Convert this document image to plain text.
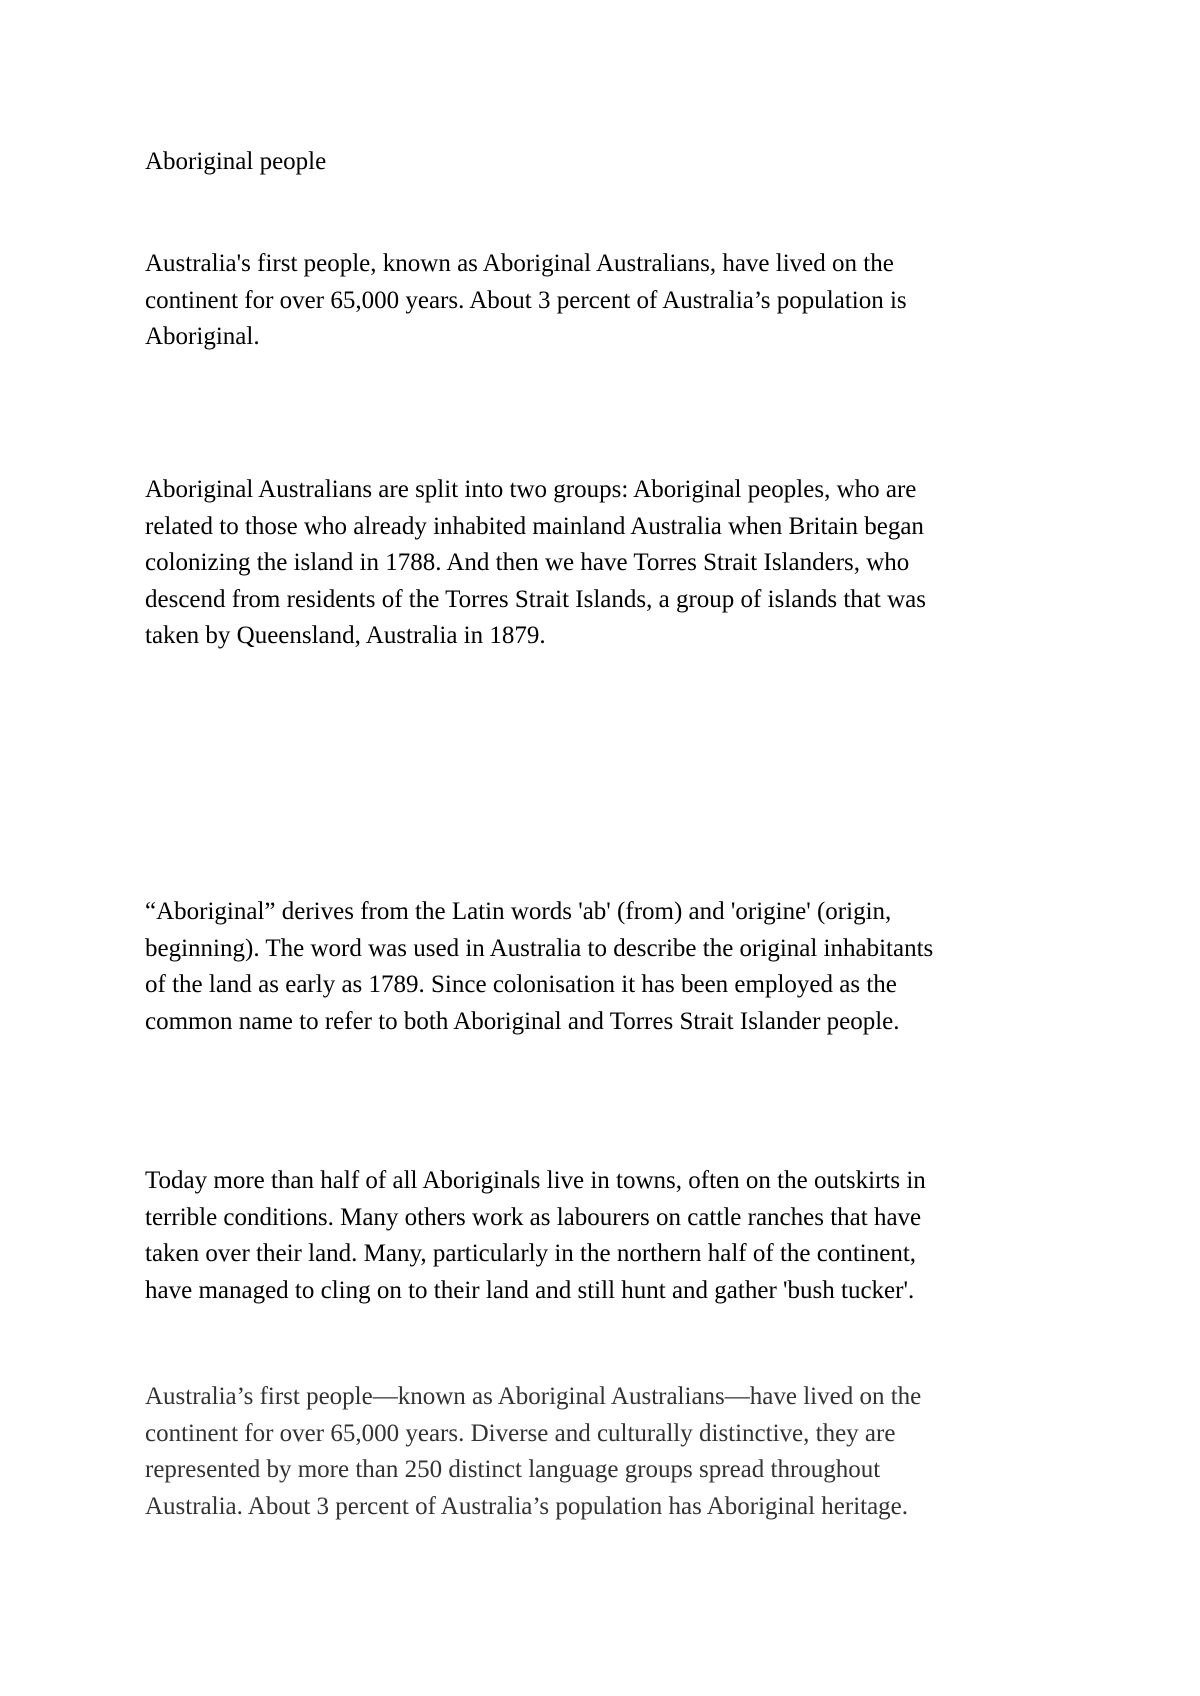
Aboriginal people
Australia's first people, known as Aboriginal Australians, have lived on the
continent for over 65,000 years. About 3 percent of Australia’s population is
Aboriginal.
Aboriginal Australians are split into two groups: Aboriginal peoples, who are
related to those who already inhabited mainland Australia when Britain began
colonizing the island in 1788. And then we have Torres Strait Islanders, who
descend from residents of the Torres Strait Islands, a group of islands that was
taken by Queensland, Australia in 1879.
“Aboriginal” derives from the Latin words 'ab' (from) and 'origine' (origin,
beginning). The word was used in Australia to describe the original inhabitants
of the land as early as 1789. Since colonisation it has been employed as the
common name to refer to both Aboriginal and Torres Strait Islander people.
Today more than half of all Aboriginals live in towns, often on the outskirts in
terrible conditions. Many others work as labourers on cattle ranches that have
taken over their land. Many, particularly in the northern half of the continent,
have managed to cling on to their land and still hunt and gather 'bush tucker'.
Australia’s first people—known as Aboriginal Australians—have lived on the
continent for over 65,000 years. Diverse and culturally distinctive, they are
represented by more than 250 distinct language groups spread throughout
Australia. About 3 percent of Australia’s population has Aboriginal heritage.
